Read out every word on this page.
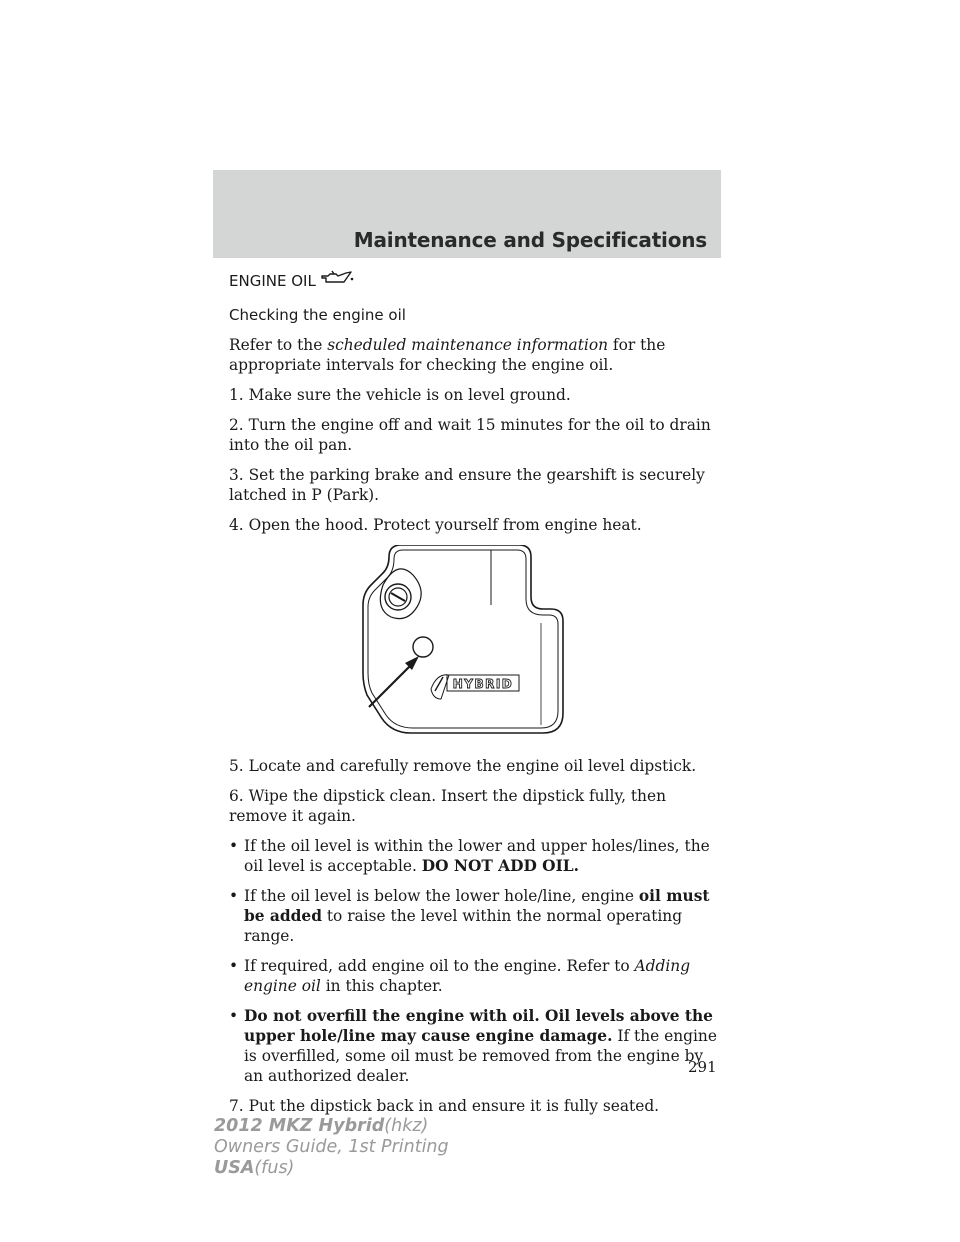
Maintenance and Specifications
ENGINE OIL
Checking the engine oil

Refer to the scheduled maintenance information for the appropriate intervals for checking the engine oil.

1. Make sure the vehicle is on level ground.

2. Turn the engine off and wait 15 minutes for the oil to drain into the oil pan.

3. Set the parking brake and ensure the gearshift is securely latched in P (Park).

4. Open the hood. Protect yourself from engine heat.

HYBRID

5. Locate and carefully remove the engine oil level dipstick.

6. Wipe the dipstick clean. Insert the dipstick fully, then remove it again.

• If the oil level is within the lower and upper holes/lines, the oil level is acceptable. DO NOT ADD OIL.
• If the oil level is below the lower hole/line, engine oil must be added to raise the level within the normal operating range.
• If required, add engine oil to the engine. Refer to Adding engine oil in this chapter.
• Do not overfill the engine with oil. Oil levels above the upper hole/line may cause engine damage. If the engine is overfilled, some oil must be removed from the engine by an authorized dealer.

7. Put the dipstick back in and ensure it is fully seated.

291
2012 MKZ Hybrid(hkz)
Owners Guide, 1st Printing
USA(fus)
